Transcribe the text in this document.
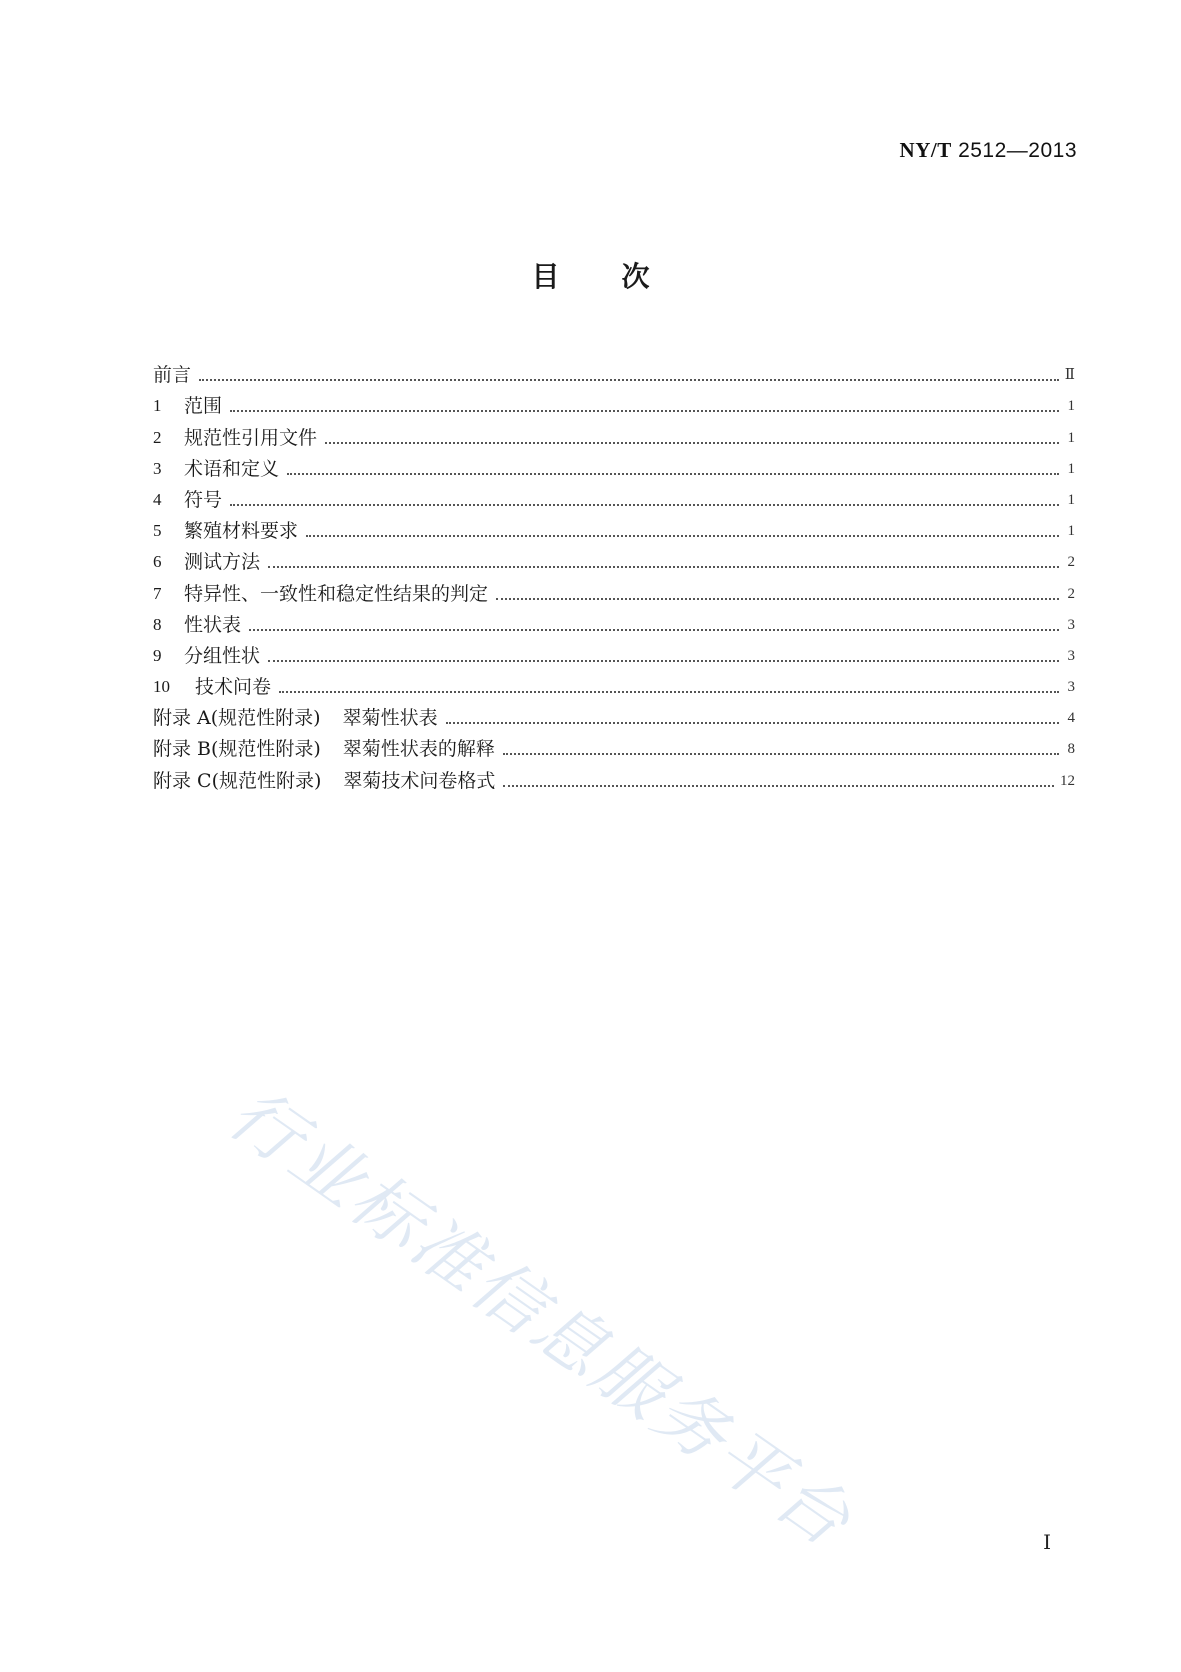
NY/T 2512—2013
目 次
前言	Ⅱ
1	范围	1
2	规范性引用文件	1
3	术语和定义	1
4	符号	1
5	繁殖材料要求	1
6	测试方法	2
7	特异性、一致性和稳定性结果的判定	2
8	性状表	3
9	分组性状	3
10	技术问卷	3
附录 A(规范性附录) 翠菊性状表	4
附录 B(规范性附录) 翠菊性状表的解释	8
附录 C(规范性附录) 翠菊技术问卷格式	12
行业标准信息服务平台	Ⅰ
